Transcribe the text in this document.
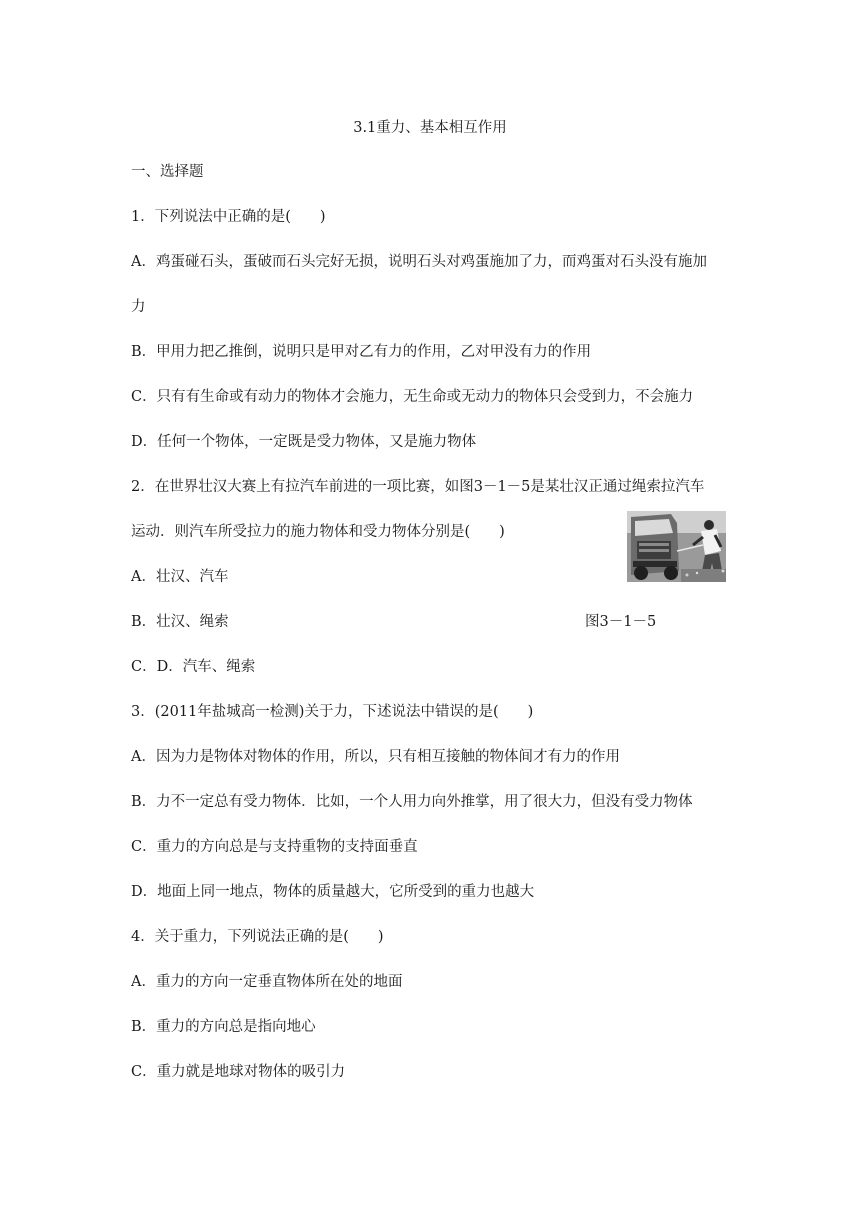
3.1重力、基本相互作用
一、选择题
1．下列说法中正确的是(　　)
A．鸡蛋碰石头，蛋破而石头完好无损，说明石头对鸡蛋施加了力，而鸡蛋对石头没有施加
力
B．甲用力把乙推倒，说明只是甲对乙有力的作用，乙对甲没有力的作用
C．只有有生命或有动力的物体才会施力，无生命或无动力的物体只会受到力，不会施力
D．任何一个物体，一定既是受力物体，又是施力物体
2．在世界壮汉大赛上有拉汽车前进的一项比赛，如图3－1－5是某壮汉正通过绳索拉汽车
运动．则汽车所受拉力的施力物体和受力物体分别是(　　)
A．壮汉、汽车
B．壮汉、绳索
C．D．汽车、绳索
图3－1－5
3．(2011年盐城高一检测)关于力，下述说法中错误的是(　　)
A．因为力是物体对物体的作用，所以，只有相互接触的物体间才有力的作用
B．力不一定总有受力物体．比如，一个人用力向外推掌，用了很大力，但没有受力物体
C．重力的方向总是与支持重物的支持面垂直
D．地面上同一地点，物体的质量越大，它所受到的重力也越大
4．关于重力，下列说法正确的是(　　)
A．重力的方向一定垂直物体所在处的地面
B．重力的方向总是指向地心
C．重力就是地球对物体的吸引力
